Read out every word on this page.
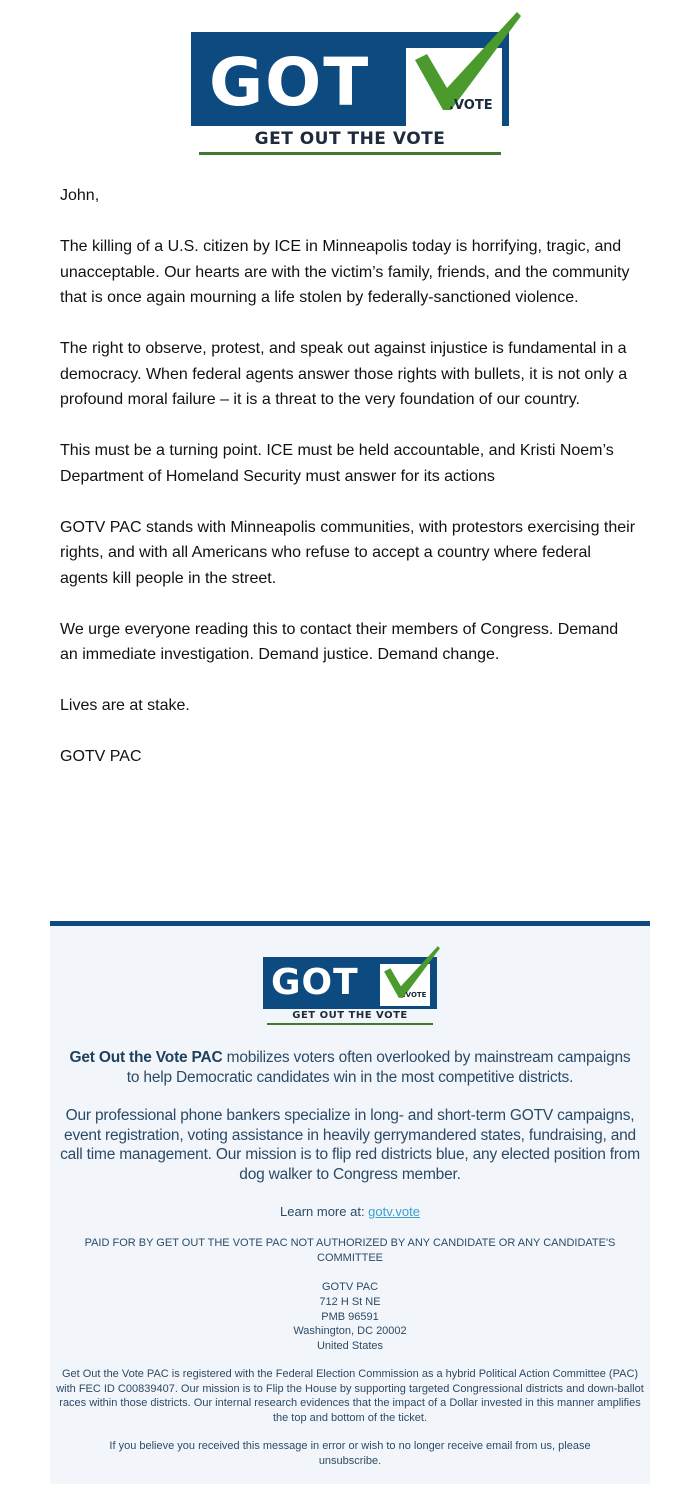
GOT	.VOTE
GET OUT THE VOTE

John,

The killing of a U.S. citizen by ICE in Minneapolis today is horrifying, tragic, and unacceptable. Our hearts are with the victim’s family, friends, and the community that is once again mourning a life stolen by federally-sanctioned violence.

The right to observe, protest, and speak out against injustice is fundamental in a democracy. When federal agents answer those rights with bullets, it is not only a profound moral failure – it is a threat to the very foundation of our country.

This must be a turning point. ICE must be held accountable, and Kristi Noem’s Department of Homeland Security must answer for its actions

GOTV PAC stands with Minneapolis communities, with protestors exercising their rights, and with all Americans who refuse to accept a country where federal agents kill people in the street.

We urge everyone reading this to contact their members of Congress. Demand an immediate investigation. Demand justice. Demand change.

Lives are at stake.

GOTV PAC

GOT	.VOTE
GET OUT THE VOTE
Get Out the Vote PAC mobilizes voters often overlooked by mainstream campaigns to help Democratic candidates win in the most competitive districts.
Our professional phone bankers specialize in long- and short-term GOTV campaigns, event registration, voting assistance in heavily gerrymandered states, fundraising, and call time management. Our mission is to flip red districts blue, any elected position from dog walker to Congress member.
Learn more at: gotv.vote
PAID FOR BY GET OUT THE VOTE PAC NOT AUTHORIZED BY ANY CANDIDATE OR ANY CANDIDATE'S COMMITTEE
GOTV PAC
712 H St NE
PMB 96591
Washington, DC 20002
United States
Get Out the Vote PAC is registered with the Federal Election Commission as a hybrid Political Action Committee (PAC) with FEC ID C00839407. Our mission is to Flip the House by supporting targeted Congressional districts and down-ballot races within those districts. Our internal research evidences that the impact of a Dollar invested in this manner amplifies the top and bottom of the ticket.
If you believe you received this message in error or wish to no longer receive email from us, please unsubscribe.
